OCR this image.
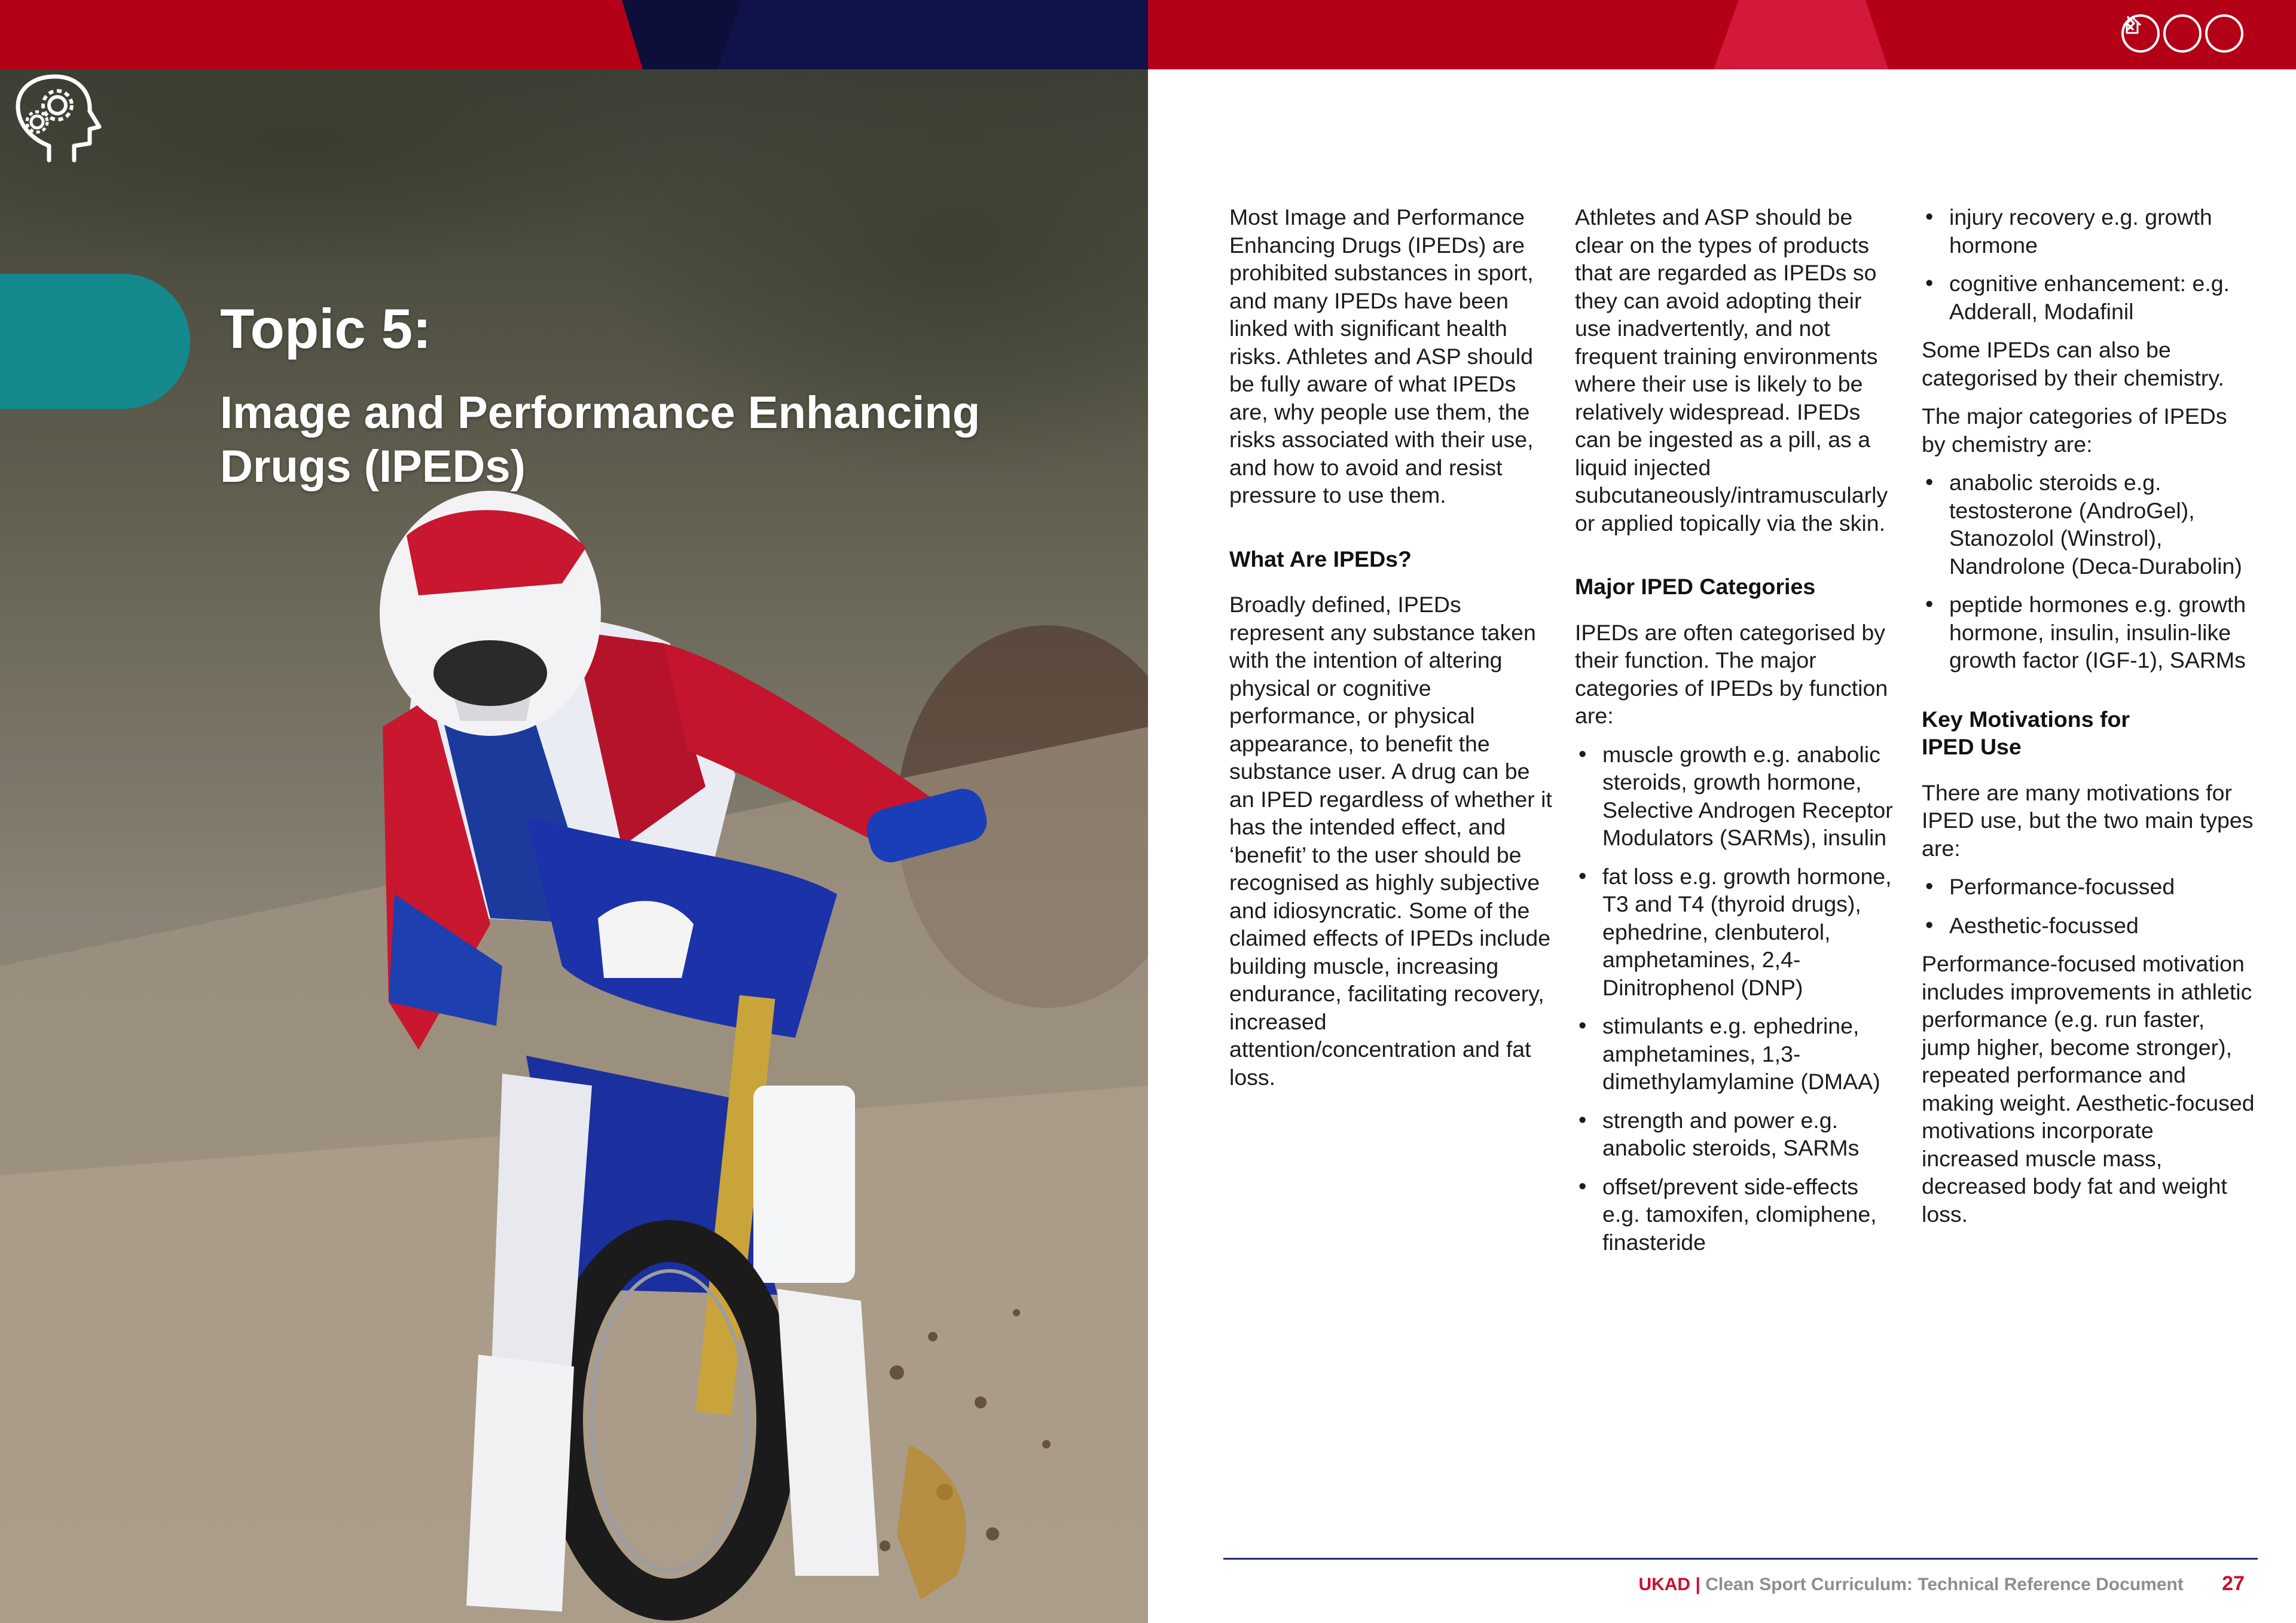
Topic 5:
Image and Performance Enhancing Drugs (IPEDs)

Most Image and Performance Enhancing Drugs (IPEDs) are prohibited substances in sport, and many IPEDs have been linked with significant health risks. Athletes and ASP should be fully aware of what IPEDs are, why people use them, the risks associated with their use, and how to avoid and resist pressure to use them.

What Are IPEDs?

Broadly defined, IPEDs represent any substance taken with the intention of altering physical or cognitive performance, or physical appearance, to benefit the substance user. A drug can be an IPED regardless of whether it has the intended effect, and ‘benefit’ to the user should be recognised as highly subjective and idiosyncratic. Some of the claimed effects of IPEDs include building muscle, increasing endurance, facilitating recovery, increased attention/concentration and fat loss.

Athletes and ASP should be clear on the types of products that are regarded as IPEDs so they can avoid adopting their use inadvertently, and not frequent training environments where their use is likely to be relatively widespread. IPEDs can be ingested as a pill, as a liquid injected subcutaneously/intramuscularly or applied topically via the skin.

Major IPED Categories

IPEDs are often categorised by their function. The major categories of IPEDs by function are:

• muscle growth e.g. anabolic steroids, growth hormone, Selective Androgen Receptor Modulators (SARMs), insulin
• fat loss e.g. growth hormone, T3 and T4 (thyroid drugs), ephedrine, clenbuterol, amphetamines, 2,4-Dinitrophenol (DNP)
• stimulants e.g. ephedrine, amphetamines, 1,3-dimethylamylamine (DMAA)
• strength and power e.g. anabolic steroids, SARMs
• offset/prevent side-effects e.g. tamoxifen, clomiphene, finasteride
• injury recovery e.g. growth hormone
• cognitive enhancement: e.g. Adderall, Modafinil

Some IPEDs can also be categorised by their chemistry.

The major categories of IPEDs by chemistry are:

• anabolic steroids e.g. testosterone (AndroGel), Stanozolol (Winstrol), Nandrolone (Deca-Durabolin)
• peptide hormones e.g. growth hormone, insulin, insulin-like growth factor (IGF-1), SARMs
Key Motivations for IPED Use

There are many motivations for IPED use, but the two main types are:

• Performance-focussed
• Aesthetic-focussed

Performance-focused motivation includes improvements in athletic performance (e.g. run faster, jump higher, become stronger), repeated performance and making weight. Aesthetic-focused motivations incorporate increased muscle mass, decreased body fat and weight loss.

UKAD | Clean Sport Curriculum: Technical Reference Document 27
